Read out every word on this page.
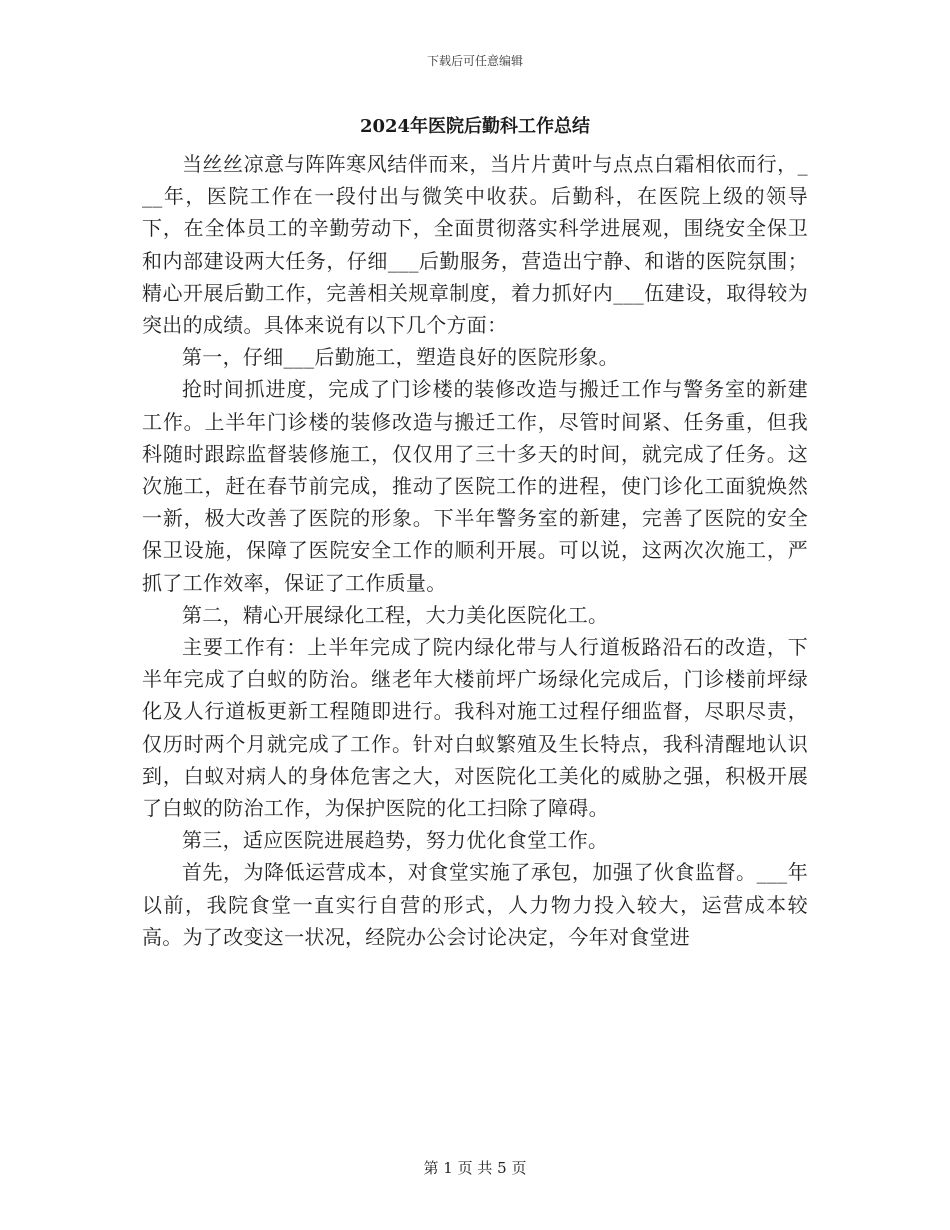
下载后可任意编辑
2024年医院后勤科工作总结

当丝丝凉意与阵阵寒风结伴而来，当片片黄叶与点点白霜相依而行，___年，医院工作在一段付出与微笑中收获。后勤科，在医院上级的领导下，在全体员工的辛勤劳动下，全面贯彻落实科学进展观，围绕安全保卫和内部建设两大任务，仔细___后勤服务，营造出宁静、和谐的医院氛围；精心开展后勤工作，完善相关规章制度，着力抓好内___伍建设，取得较为突出的成绩。具体来说有以下几个方面：

第一，仔细___后勤施工，塑造良好的医院形象。

抢时间抓进度，完成了门诊楼的装修改造与搬迁工作与警务室的新建工作。上半年门诊楼的装修改造与搬迁工作，尽管时间紧、任务重，但我科随时跟踪监督装修施工，仅仅用了三十多天的时间，就完成了任务。这次施工，赶在春节前完成，推动了医院工作的进程，使门诊化工面貌焕然一新，极大改善了医院的形象。下半年警务室的新建，完善了医院的安全保卫设施，保障了医院安全工作的顺利开展。可以说，这两次次施工，严抓了工作效率，保证了工作质量。

第二，精心开展绿化工程，大力美化医院化工。

主要工作有：上半年完成了院内绿化带与人行道板路沿石的改造，下半年完成了白蚁的防治。继老年大楼前坪广场绿化完成后，门诊楼前坪绿化及人行道板更新工程随即进行。我科对施工过程仔细监督，尽职尽责，仅历时两个月就完成了工作。针对白蚁繁殖及生长特点，我科清醒地认识到，白蚁对病人的身体危害之大，对医院化工美化的威胁之强，积极开展了白蚁的防治工作，为保护医院的化工扫除了障碍。

第三，适应医院进展趋势，努力优化食堂工作。

首先，为降低运营成本，对食堂实施了承包，加强了伙食监督。___年以前，我院食堂一直实行自营的形式，人力物力投入较大，运营成本较高。为了改变这一状况，经院办公会讨论决定，今年对食堂进

第 1 页 共 5 页
